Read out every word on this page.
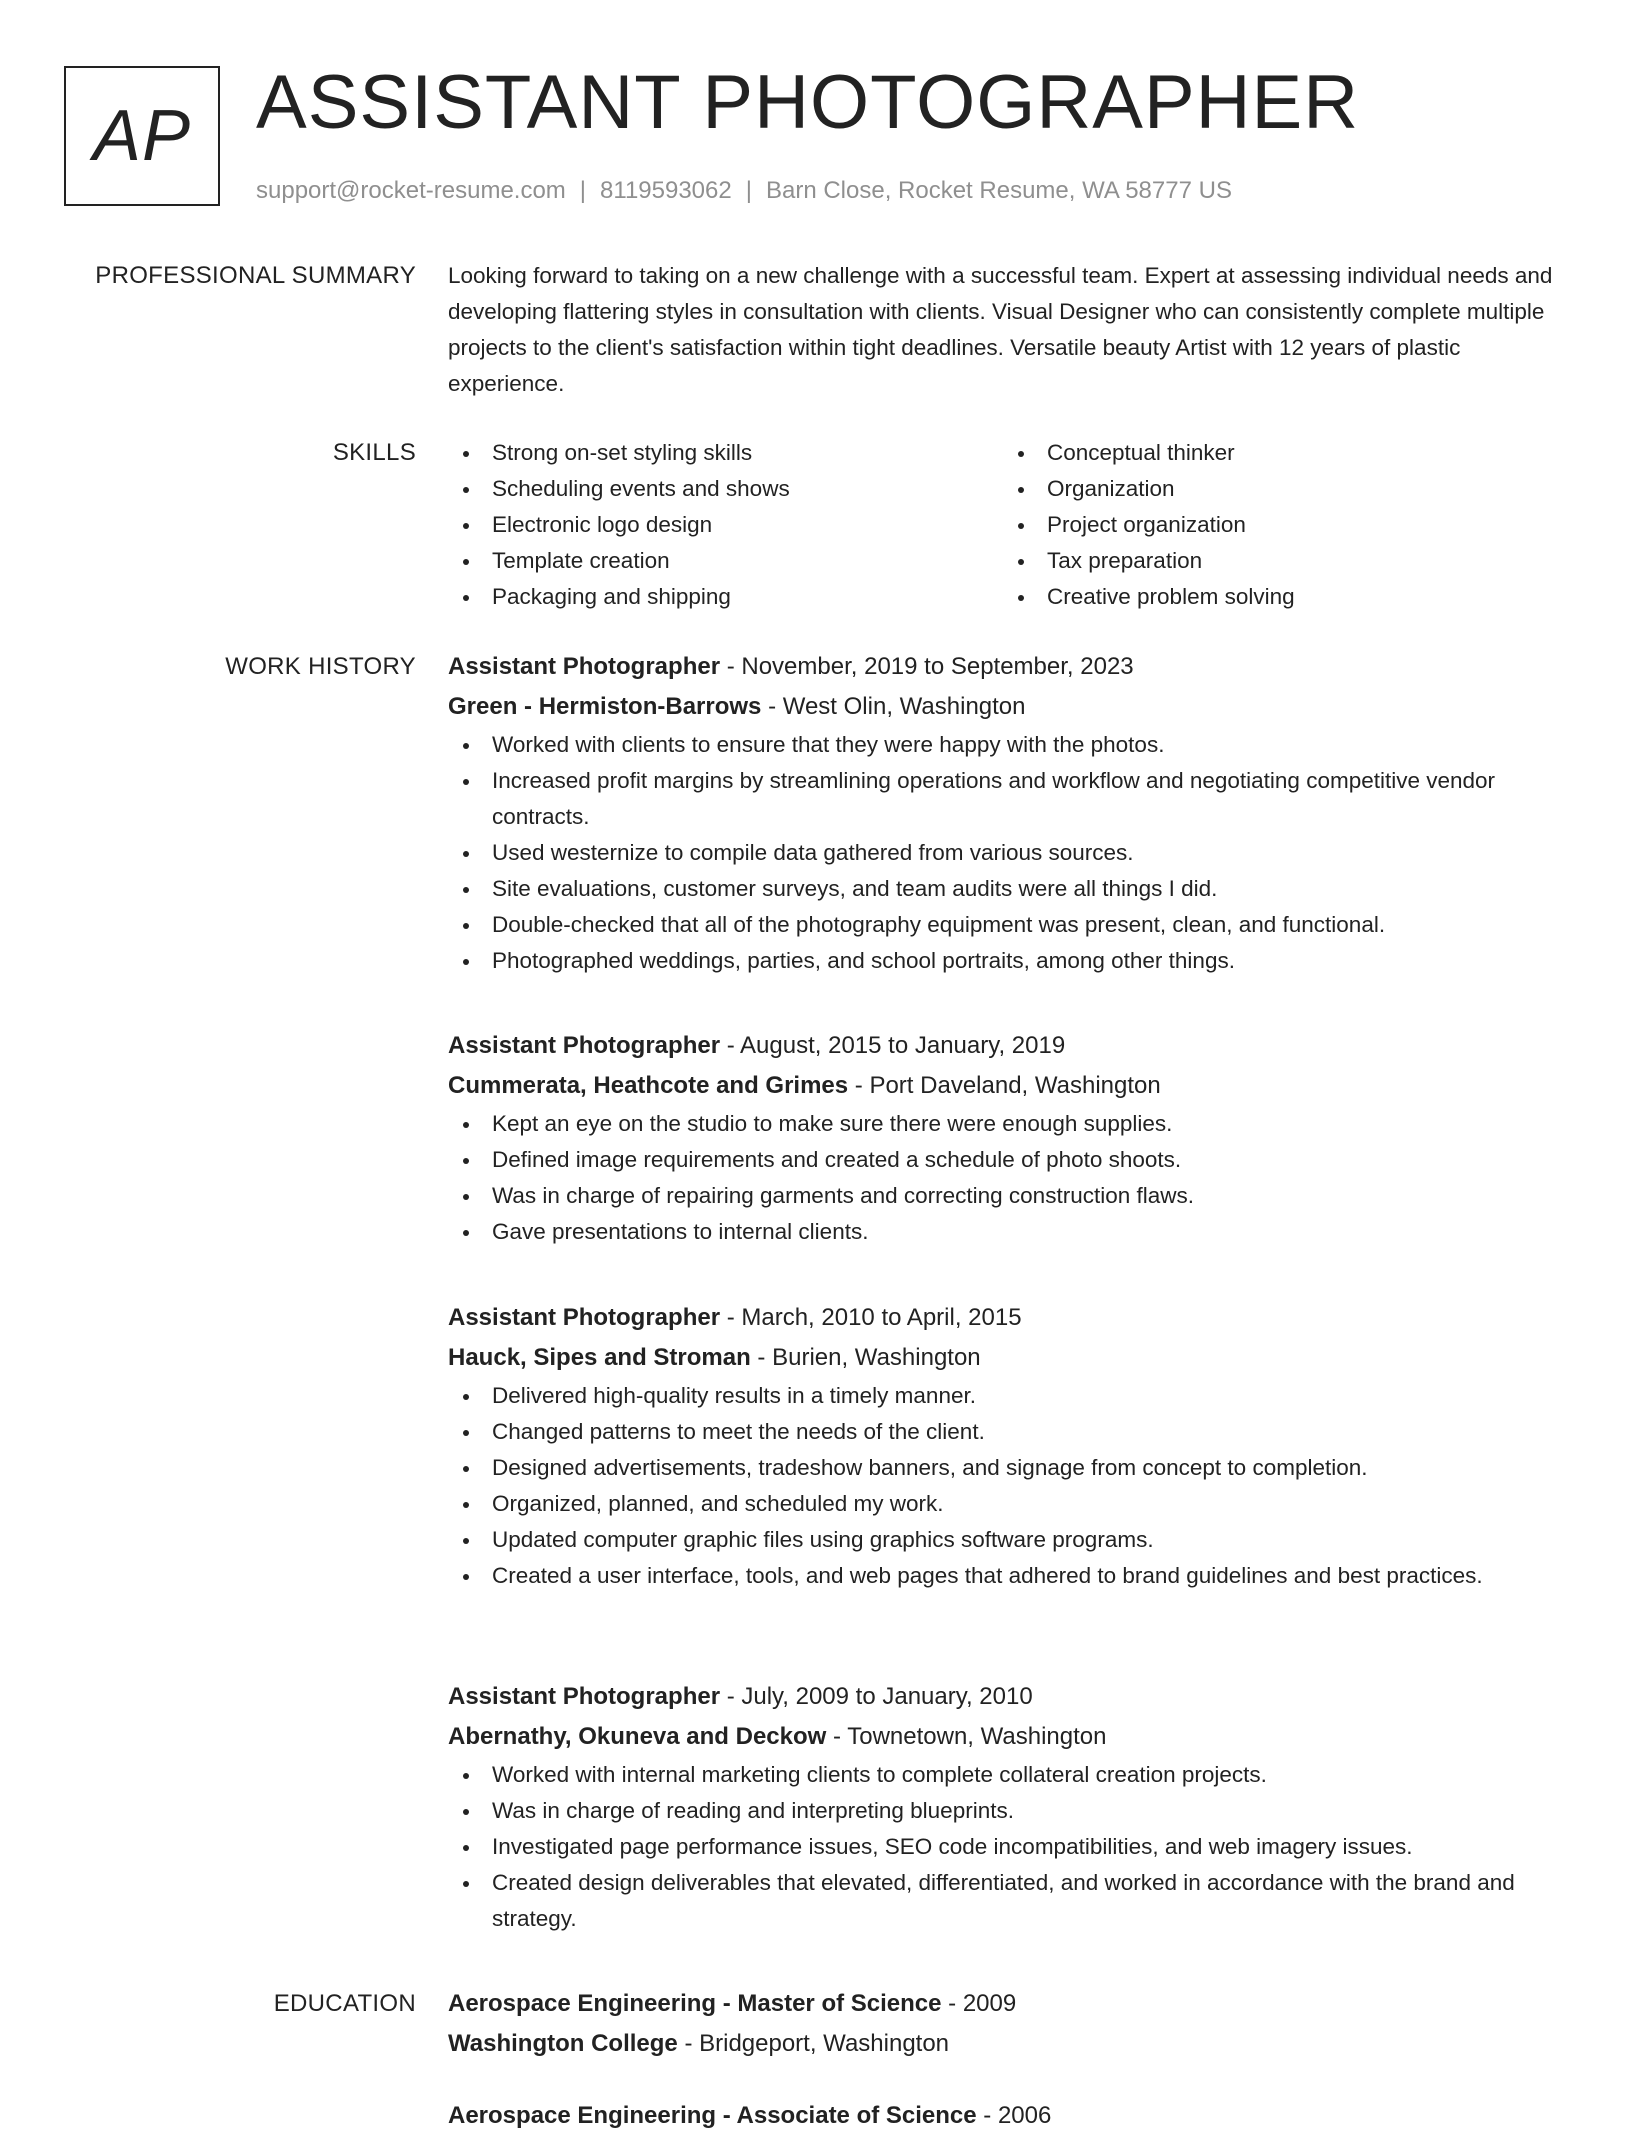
AP ASSISTANT PHOTOGRAPHER
support@rocket-resume.com | 8119593062 | Barn Close, Rocket Resume, WA 58777 US
PROFESSIONAL SUMMARY Looking forward to taking on a new challenge with a successful team. Expert at assessing individual needs and developing flattering styles in consultation with clients. Visual Designer who can consistently complete multiple projects to the client's satisfaction within tight deadlines. Versatile beauty Artist with 12 years of plastic experience.

SKILLS	Strong on-set styling skills
Scheduling events and shows
Electronic logo design
Template creation
Packaging and shipping
Conceptual thinker
Organization
Project organization
Tax preparation
Creative problem solving
WORK HISTORY Assistant Photographer - November, 2019 to September, 2023
Green - Hermiston-Barrows - West Olin, Washington
Worked with clients to ensure that they were happy with the photos.
Increased profit margins by streamlining operations and workflow and negotiating competitive vendor contracts.
Used westernize to compile data gathered from various sources.
Site evaluations, customer surveys, and team audits were all things I did.
Double-checked that all of the photography equipment was present, clean, and functional.
Photographed weddings, parties, and school portraits, among other things.
Assistant Photographer - August, 2015 to January, 2019
Cummerata, Heathcote and Grimes - Port Daveland, Washington
Kept an eye on the studio to make sure there were enough supplies.
Defined image requirements and created a schedule of photo shoots.
Was in charge of repairing garments and correcting construction flaws.
Gave presentations to internal clients.
Assistant Photographer - March, 2010 to April, 2015
Hauck, Sipes and Stroman - Burien, Washington
Delivered high-quality results in a timely manner.
Changed patterns to meet the needs of the client.
Designed advertisements, tradeshow banners, and signage from concept to completion.
Organized, planned, and scheduled my work.
Updated computer graphic files using graphics software programs.
Created a user interface, tools, and web pages that adhered to brand guidelines and best practices.
Assistant Photographer - July, 2009 to January, 2010
Abernathy, Okuneva and Deckow - Townetown, Washington
Worked with internal marketing clients to complete collateral creation projects.
Was in charge of reading and interpreting blueprints.
Investigated page performance issues, SEO code incompatibilities, and web imagery issues.
Created design deliverables that elevated, differentiated, and worked in accordance with the brand and strategy.
EDUCATION Aerospace Engineering - Master of Science - 2009
Washington College - Bridgeport, Washington
Aerospace Engineering - Associate of Science - 2006
